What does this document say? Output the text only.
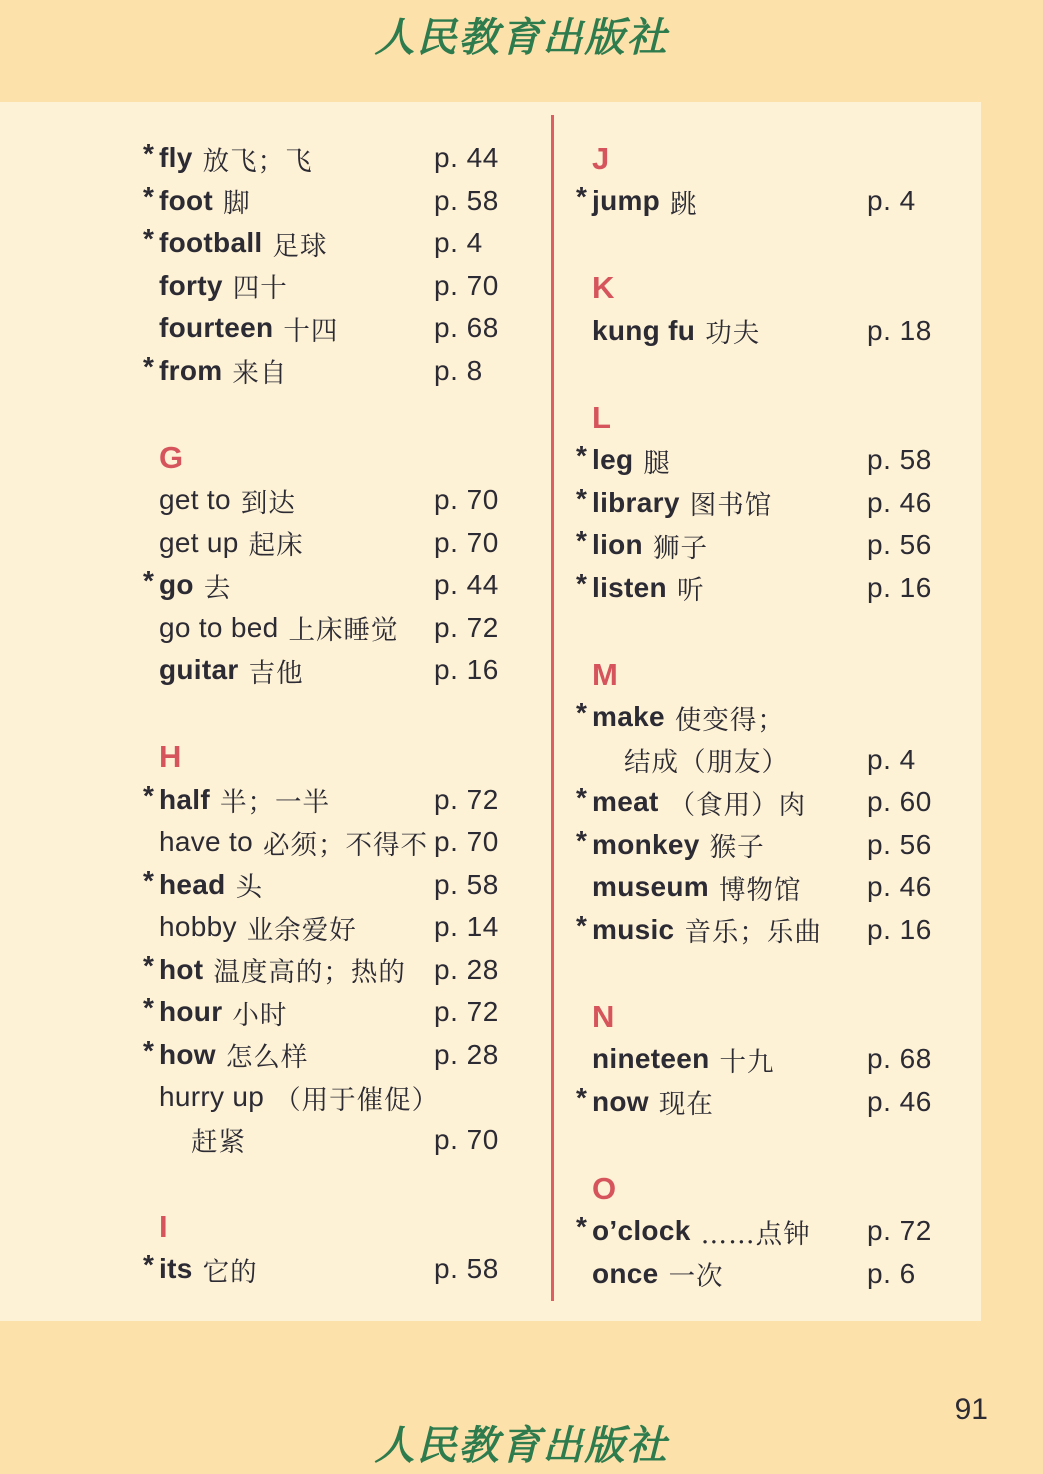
人民教育出版社
* fly 放飞；飞	p. 44
* foot 脚	p. 58
* football 足球	p. 4
forty 四十	p. 70
fourteen 十四	p. 68
* from 来自	p. 8
G
get to 到达	p. 70
get up 起床	p. 70
* go 去	p. 44
go to bed 上床睡觉 p. 72
guitar 吉他	p. 16
H
* half 半；一半	p. 72
have to 必须；不得不 p. 70
* head 头	p. 58
hobby 业余爱好	p. 14
* hot 温度高的；热的 p. 28
* hour 小时	p. 72
* how 怎么样	p. 28
hurry up （用于催促）
赶紧	p. 70
I
* its 它的	p. 58
J
* jump 跳	p. 4
K
kung fu 功夫	p. 18
L
* leg 腿	p. 58
* library 图书馆	p. 46
* lion 狮子	p. 56
* listen 听	p. 16
M
* make 使变得；
结成（朋友）	p. 4
* meat （食用）肉 p. 60
* monkey 猴子	p. 56
museum 博物馆 p. 46
* music 音乐；乐曲 p. 16
N
nineteen 十九	p. 68
* now 现在	p. 46
O
* o’clock ……点钟 p. 72
once 一次	p. 6
91
人民教育出版社
